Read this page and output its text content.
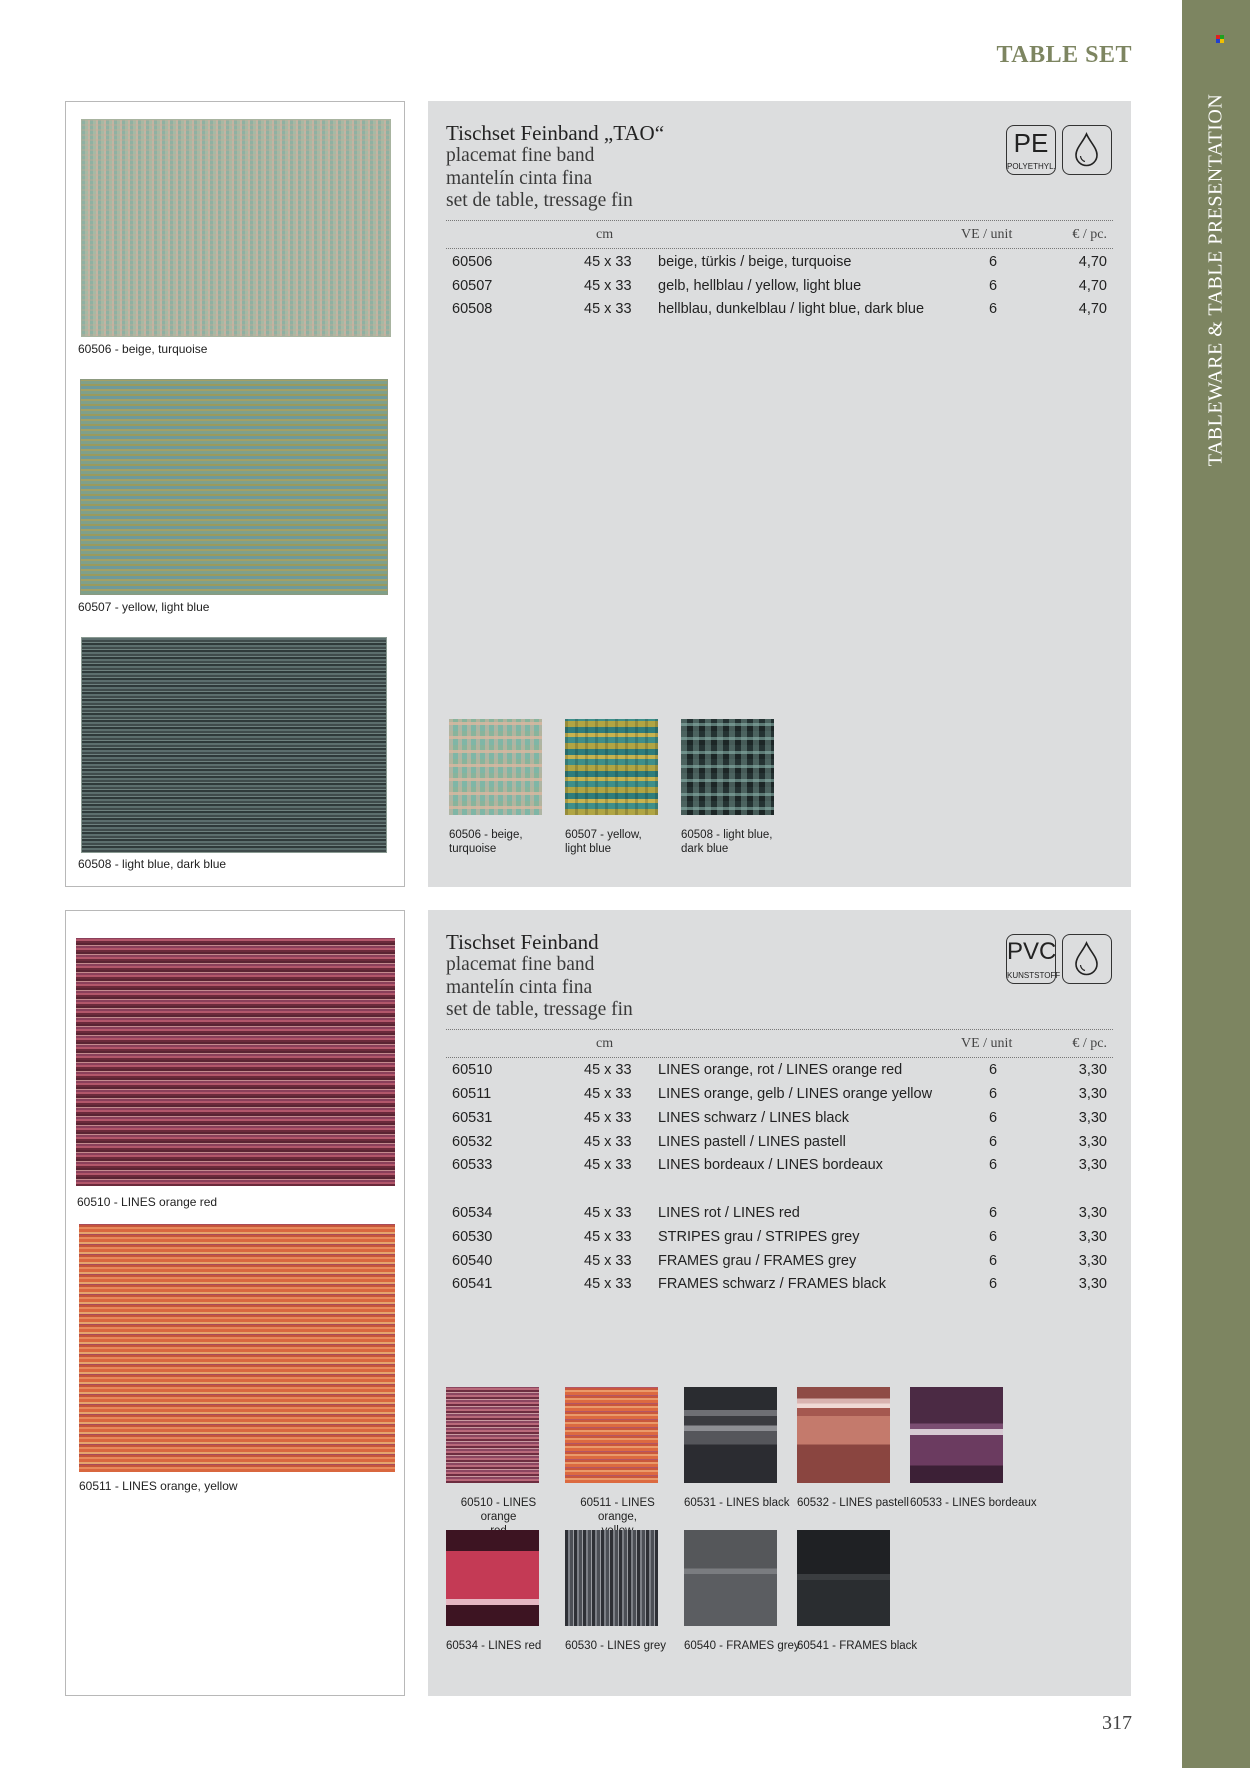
TABLEWARE & TABLE PRESENTATION
TABLE SET
317
60506 - beige, turquoise
60507 - yellow, light blue
60508 - light blue, dark blue
Tischset Feinband „TAO“
placemat fine band
mantelín cinta fina
set de table, tressage fin
PE
POLYETHYL.
cm	VE / unit	€ / pc.
60506	45 x 33 beige, türkis / beige, turquoise	6	4,70
60507	45 x 33 gelb, hellblau / yellow, light blue	6	4,70
60508	45 x 33 hellblau, dunkelblau / light blue, dark blue	6	4,70
60506 - beige,
turquoise
60507 - yellow,
light blue
60508 - light blue,
dark blue
60510 - LINES orange red
60511 - LINES orange, yellow
Tischset Feinband
placemat fine band
mantelín cinta fina
set de table, tressage fin
PVC
KUNSTSTOFF
cm	VE / unit	€ / pc.
60510	45 x 33 LINES orange, rot / LINES orange red	6	3,30
60511	45 x 33 LINES orange, gelb / LINES orange yellow	6	3,30
60531	45 x 33 LINES schwarz / LINES black	6	3,30
60532	45 x 33 LINES pastell / LINES pastell	6	3,30
60533	45 x 33 LINES bordeaux / LINES bordeaux	6	3,30
60534	45 x 33 LINES rot / LINES red	6	3,30
60530	45 x 33 STRIPES grau / STRIPES grey	6	3,30
60540	45 x 33 FRAMES grau / FRAMES grey	6	3,30
60541	45 x 33 FRAMES schwarz / FRAMES black	6	3,30
60510 - LINES orange
60511 - LINES orange,
60531 - LINES black 60532 - LINES pastell 60533 - LINES bordeaux
60534 - LINES red 60530 - LINES grey 60540 - FRAMES grey
60541 - FRAMES black
